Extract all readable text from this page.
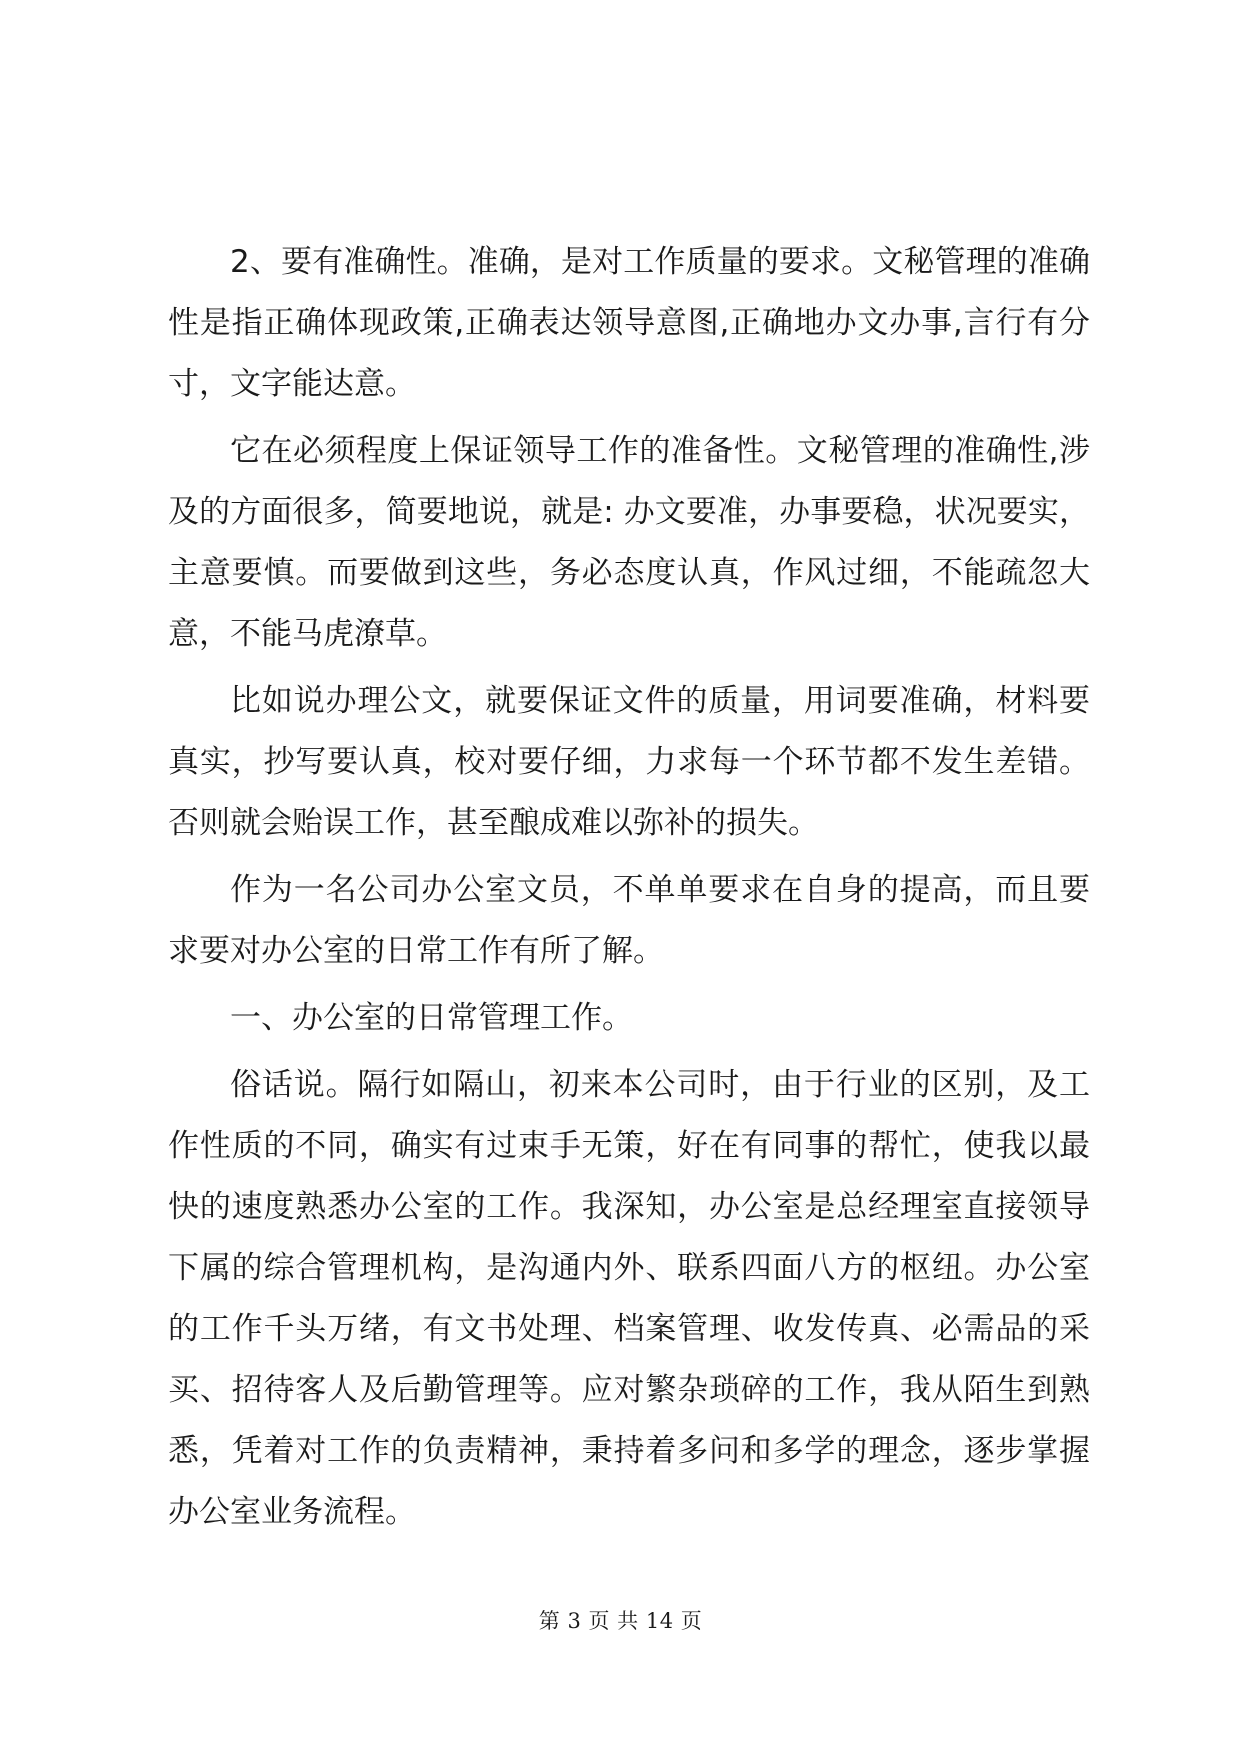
2、要有准确性。准确，是对工作质量的要求。文秘管理的准确性是指正确体现政策,正确表达领导意图,正确地办文办事,言行有分寸，文字能达意。

它在必须程度上保证领导工作的准备性。文秘管理的准确性,涉及的方面很多，简要地说，就是: 办文要准，办事要稳，状况要实，主意要慎。而要做到这些，务必态度认真，作风过细，不能疏忽大意，不能马虎潦草。

比如说办理公文，就要保证文件的质量，用词要准确，材料要真实，抄写要认真，校对要仔细，力求每一个环节都不发生差错。否则就会贻误工作，甚至酿成难以弥补的损失。

作为一名公司办公室文员，不单单要求在自身的提高，而且要求要对办公室的日常工作有所了解。

一、办公室的日常管理工作。

俗话说。隔行如隔山，初来本公司时，由于行业的区别，及工作性质的不同，确实有过束手无策，好在有同事的帮忙，使我以最快的速度熟悉办公室的工作。我深知，办公室是总经理室直接领导下属的综合管理机构，是沟通内外、联系四面八方的枢纽。办公室的工作千头万绪，有文书处理、档案管理、收发传真、必需品的采买、招待客人及后勤管理等。应对繁杂琐碎的工作，我从陌生到熟悉，凭着对工作的负责精神，秉持着多问和多学的理念，逐步掌握办公室业务流程。

第 3 页 共 14 页
